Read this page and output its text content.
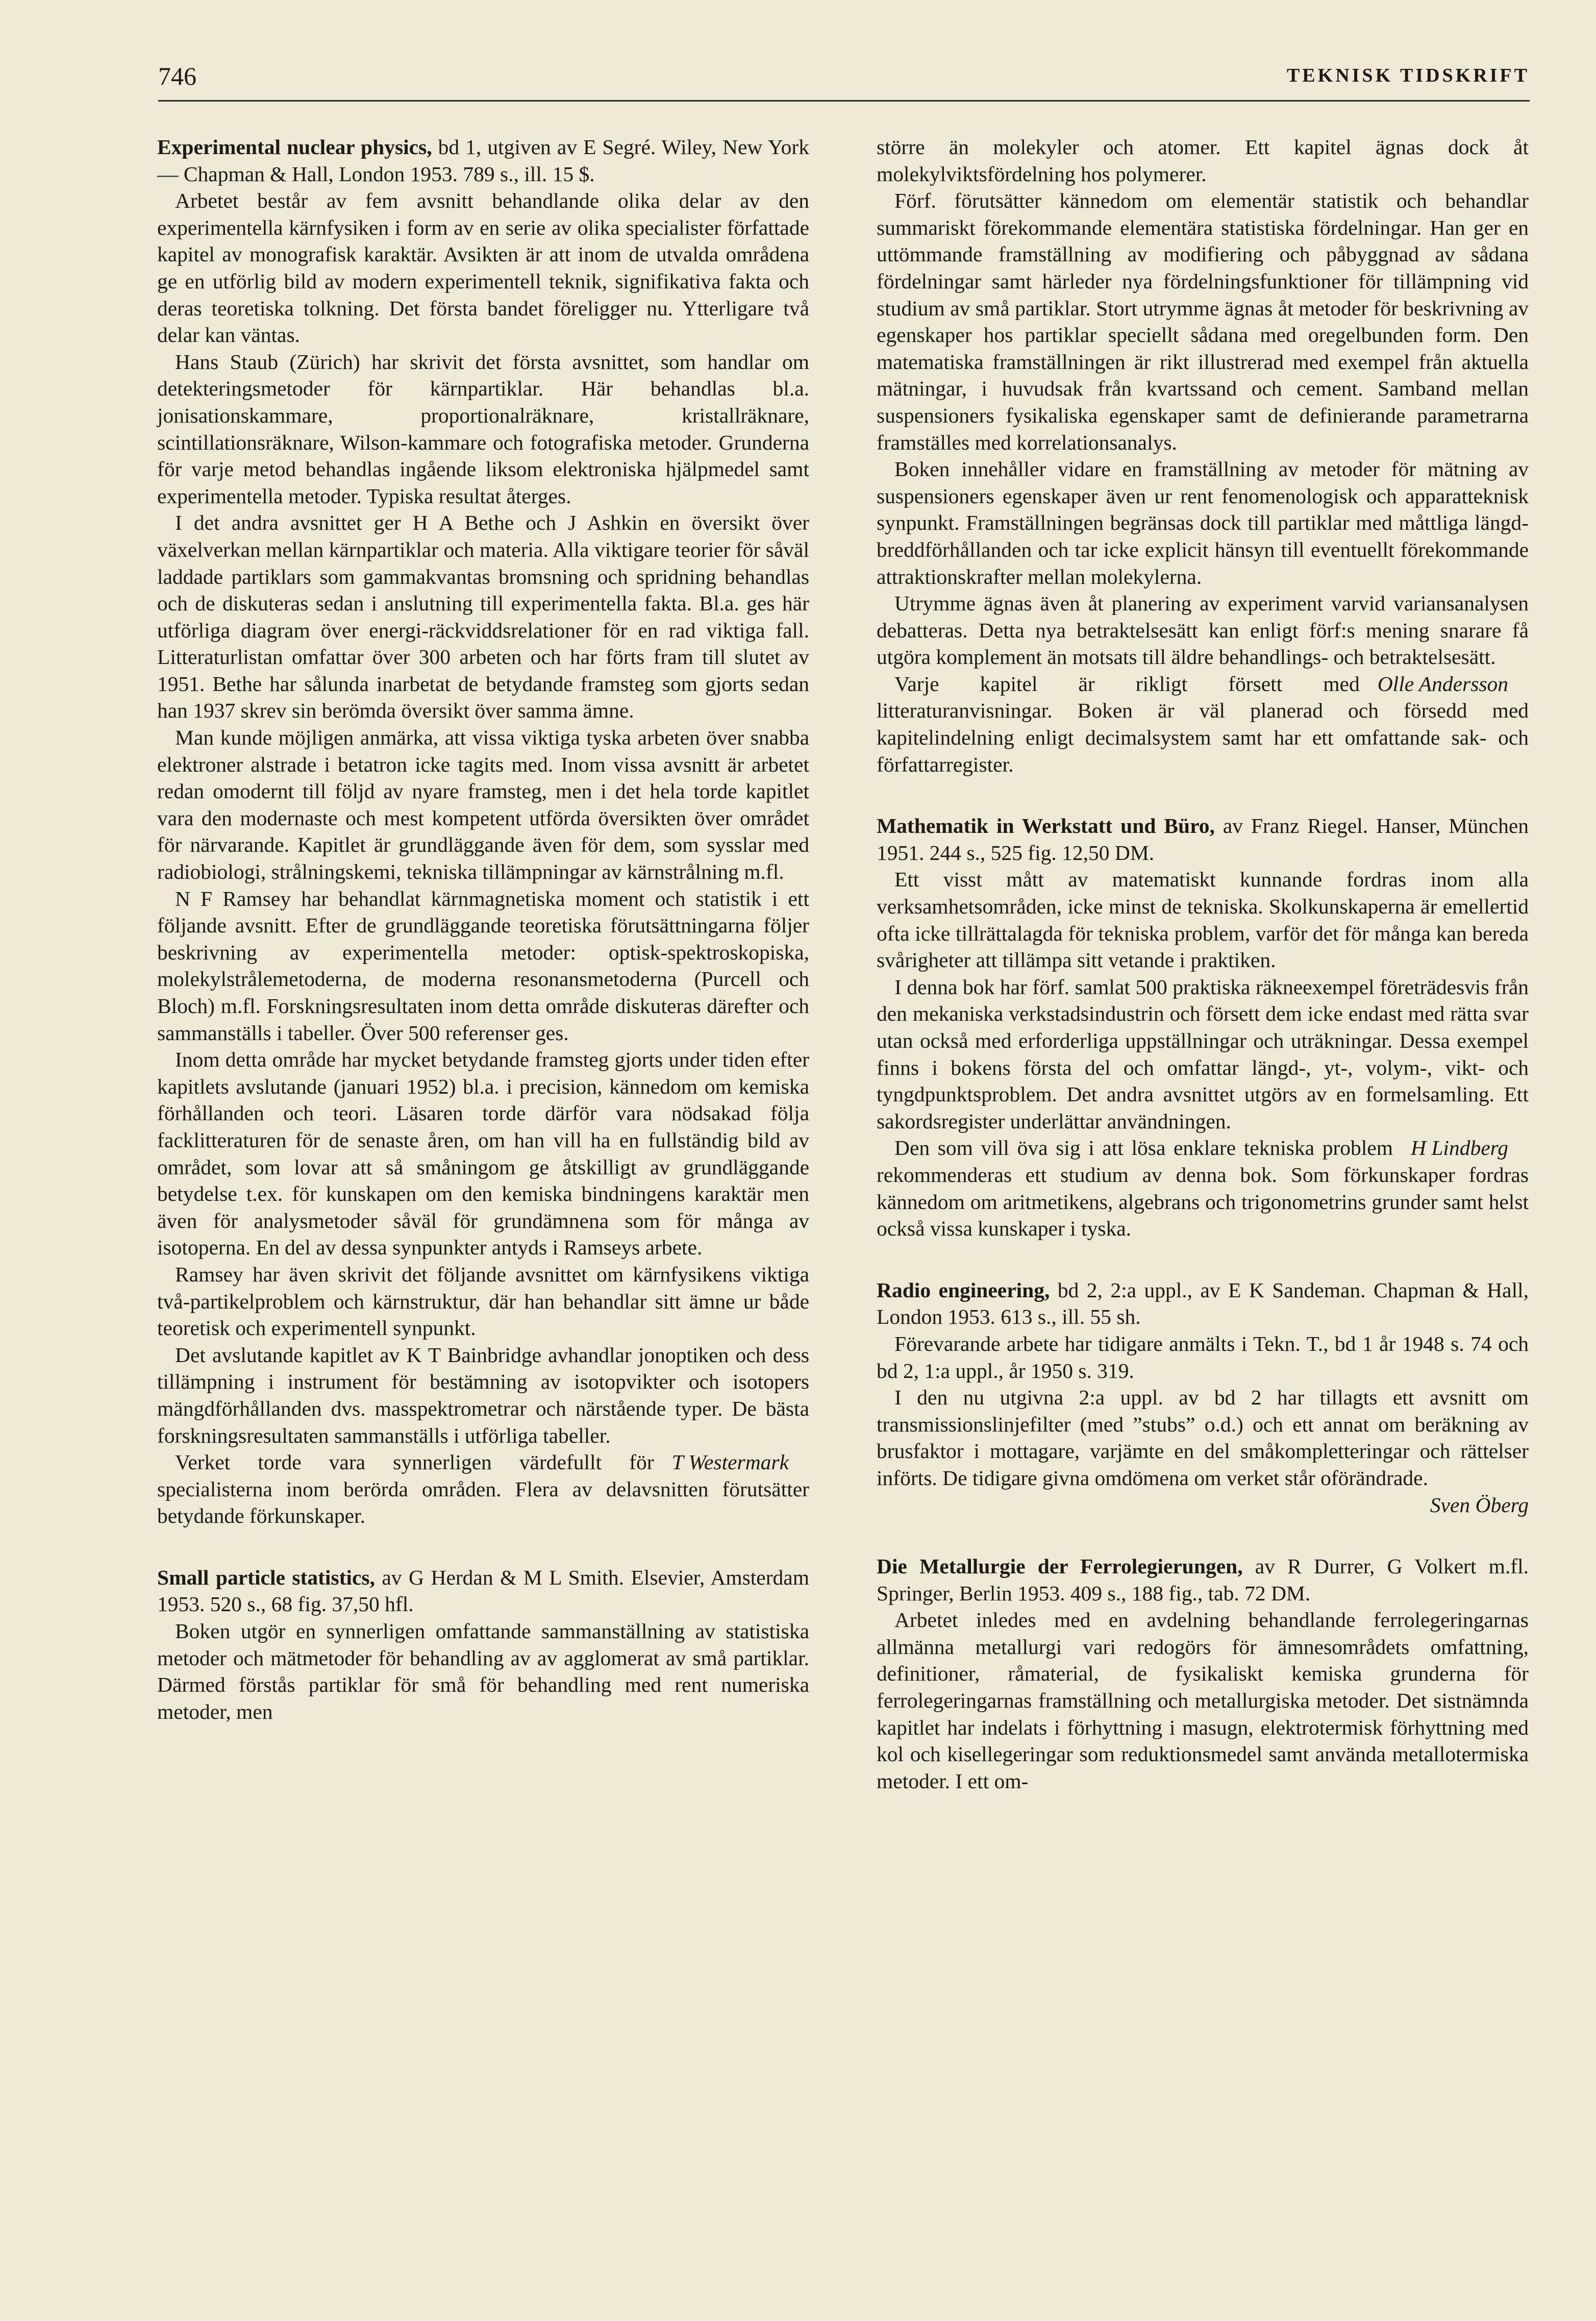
746	TEKNISK TIDSKRIFT

Experimental nuclear physics, bd 1, utgiven av E Segré. Wiley, New York — Chapman & Hall, London 1953. 789 s., ill. 15 $.

Arbetet består av fem avsnitt behandlande olika delar av den experimentella kärnfysiken i form av en serie av olika specialister författade kapitel av monografisk karaktär. Avsikten är att inom de utvalda områdena ge en utförlig bild av modern experimentell teknik, signifikativa fakta och deras teoretiska tolkning. Det första bandet föreligger nu. Ytterligare två delar kan väntas.

Hans Staub (Zürich) har skrivit det första avsnittet, som handlar om detekteringsmetoder för kärnpartiklar. Här behandlas bl.a. jonisationskammare, proportionalräknare, kristallräknare, scintillationsräknare, Wilson-kammare och fotografiska metoder. Grunderna för varje metod behandlas ingående liksom elektroniska hjälpmedel samt experimentella metoder. Typiska resultat återges.

I det andra avsnittet ger H A Bethe och J Ashkin en översikt över växelverkan mellan kärnpartiklar och materia. Alla viktigare teorier för såväl laddade partiklars som gammakvantas bromsning och spridning behandlas och de diskuteras sedan i anslutning till experimentella fakta. Bl.a. ges här utförliga diagram över energi-räckviddsrelationer för en rad viktiga fall. Litteraturlistan omfattar över 300 arbeten och har förts fram till slutet av 1951. Bethe har sålunda inarbetat de betydande framsteg som gjorts sedan han 1937 skrev sin berömda översikt över samma ämne.

Man kunde möjligen anmärka, att vissa viktiga tyska arbeten över snabba elektroner alstrade i betatron icke tagits med. Inom vissa avsnitt är arbetet redan omodernt till följd av nyare framsteg, men i det hela torde kapitlet vara den modernaste och mest kompetent utförda översikten över området för närvarande. Kapitlet är grundläggande även för dem, som sysslar med radiobiologi, strålningskemi, tekniska tillämpningar av kärnstrålning m.fl.

N F Ramsey har behandlat kärnmagnetiska moment och statistik i ett följande avsnitt. Efter de grundläggande teoretiska förutsättningarna följer beskrivning av experimentella metoder: optisk-spektroskopiska, molekylstrålemetoderna, de moderna resonansmetoderna (Purcell och Bloch) m.fl. Forskningsresultaten inom detta område diskuteras därefter och sammanställs i tabeller. Över 500 referenser ges.

Inom detta område har mycket betydande framsteg gjorts under tiden efter kapitlets avslutande (januari 1952) bl.a. i precision, kännedom om kemiska förhållanden och teori. Läsaren torde därför vara nödsakad följa facklitteraturen för de senaste åren, om han vill ha en fullständig bild av området, som lovar att så småningom ge åtskilligt av grundläggande betydelse t.ex. för kunskapen om den kemiska bindningens karaktär men även för analysmetoder såväl för grundämnena som för många av isotoperna. En del av dessa synpunkter antyds i Ramseys arbete.

Ramsey har även skrivit det följande avsnittet om kärnfysikens viktiga två-partikelproblem och kärnstruktur, där han behandlar sitt ämne ur både teoretisk och experimentell synpunkt.

Det avslutande kapitlet av K T Bainbridge avhandlar jonoptiken och dess tillämpning i instrument för bestämning av isotopvikter och isotopers mängdförhållanden dvs. masspektrometrar och närstående typer. De bästa forskningsresultaten sammanställs i utförliga tabeller.

T Westermark
Verket torde vara synnerligen värdefullt för specialisterna inom berörda områden. Flera av delavsnitten förutsätter betydande förkunskaper.

Small particle statistics, av G Herdan & M L Smith. Elsevier, Amsterdam 1953. 520 s., 68 fig. 37,50 hfl.

Boken utgör en synnerligen omfattande sammanställning av statistiska metoder och mätmetoder för behandling av av agglomerat av små partiklar. Därmed förstås partiklar för små för behandling med rent numeriska metoder, men

större än molekyler och atomer. Ett kapitel ägnas dock åt molekylviktsfördelning hos polymerer.

Förf. förutsätter kännedom om elementär statistik och behandlar summariskt förekommande elementära statistiska fördelningar. Han ger en uttömmande framställning av modifiering och påbyggnad av sådana fördelningar samt härleder nya fördelningsfunktioner för tillämpning vid studium av små partiklar. Stort utrymme ägnas åt metoder för beskrivning av egenskaper hos partiklar speciellt sådana med oregelbunden form. Den matematiska framställningen är rikt illustrerad med exempel från aktuella mätningar, i huvudsak från kvartssand och cement. Samband mellan suspensioners fysikaliska egenskaper samt de definierande parametrarna framställes med korrelationsanalys.

Boken innehåller vidare en framställning av metoder för mätning av suspensioners egenskaper även ur rent fenomenologisk och apparatteknisk synpunkt. Framställningen begränsas dock till partiklar med måttliga längd-breddförhållanden och tar icke explicit hänsyn till eventuellt förekommande attraktionskrafter mellan molekylerna.

Utrymme ägnas även åt planering av experiment varvid variansanalysen debatteras. Detta nya betraktelsesätt kan enligt förf:s mening snarare få utgöra komplement än motsats till äldre behandlings- och betraktelsesätt.

Olle Andersson
Varje kapitel är rikligt försett med litteraturanvisningar. Boken är väl planerad och försedd med kapitelindelning enligt decimalsystem samt har ett omfattande sak- och författarregister.

Mathematik in Werkstatt und Büro, av Franz Riegel. Hanser, München 1951. 244 s., 525 fig. 12,50 DM.

Ett visst mått av matematiskt kunnande fordras inom alla verksamhetsområden, icke minst de tekniska. Skolkunskaperna är emellertid ofta icke tillrättalagda för tekniska problem, varför det för många kan bereda svårigheter att tillämpa sitt vetande i praktiken.

I denna bok har förf. samlat 500 praktiska räkneexempel företrädesvis från den mekaniska verkstadsindustrin och försett dem icke endast med rätta svar utan också med erforderliga uppställningar och uträkningar. Dessa exempel finns i bokens första del och omfattar längd-, yt-, volym-, vikt- och tyngdpunktsproblem. Det andra avsnittet utgörs av en formelsamling. Ett sakordsregister underlättar användningen.

H Lindberg
Den som vill öva sig i att lösa enklare tekniska problem rekommenderas ett studium av denna bok. Som förkunskaper fordras kännedom om aritmetikens, algebrans och trigonometrins grunder samt helst också vissa kunskaper i tyska.

Radio engineering, bd 2, 2:a uppl., av E K Sandeman. Chapman & Hall, London 1953. 613 s., ill. 55 sh.

Förevarande arbete har tidigare anmälts i Tekn. T., bd 1 år 1948 s. 74 och bd 2, 1:a uppl., år 1950 s. 319.

I den nu utgivna 2:a uppl. av bd 2 har tillagts ett avsnitt om transmissionslinjefilter (med ”stubs” o.d.) och ett annat om beräkning av brusfaktor i mottagare, varjämte en del småkompletteringar och rättelser införts. De tidigare givna omdömena om verket står oförändrade.

Sven Öberg

Die Metallurgie der Ferrolegierungen, av R Durrer, G Volkert m.fl. Springer, Berlin 1953. 409 s., 188 fig., tab. 72 DM.

Arbetet inledes med en avdelning behandlande ferrolegeringarnas allmänna metallurgi vari redogörs för ämnesområdets omfattning, definitioner, råmaterial, de fysikaliskt kemiska grunderna för ferrolegeringarnas framställning och metallurgiska metoder. Det sistnämnda kapitlet har indelats i förhyttning i masugn, elektrotermisk förhyttning med kol och kisellegeringar som reduktionsmedel samt använda metallotermiska metoder. I ett om-
